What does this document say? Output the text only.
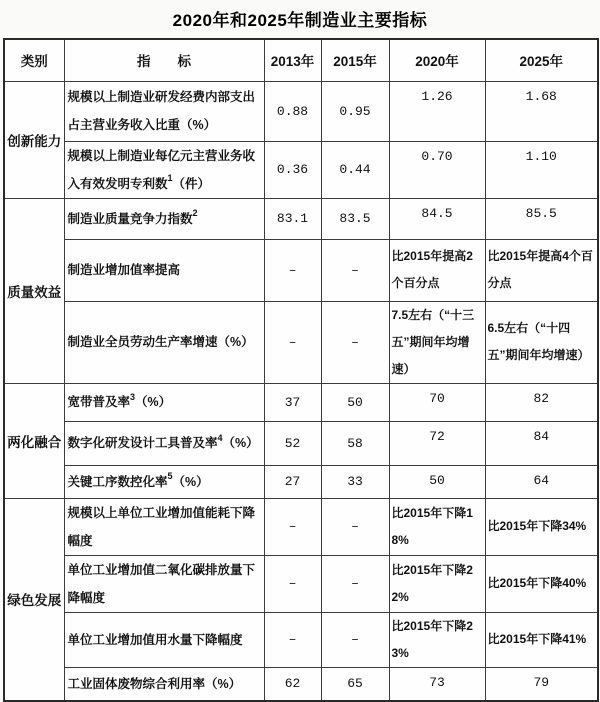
2020年和2025年制造业主要指标
类别	指　　标	2013年	2015年	2020年	2025年
创新能力	规模以上制造业研发经费内部支出占主营业务收入比重（%）	0.88	0.95	1.26	1.68
	规模以上制造业每亿元主营业务收入有效发明专利数$^1$（件）	0.36	0.44	0.70	1.10
质量效益	制造业质量竞争力指数$^2$	83.1	83.5	84.5	85.5
	制造业增加值率提高	–	–	比2015年提高2个百分点	比2015年提高4个百分点
	制造业全员劳动生产率增速（%）	–	–	7.5左右（“十三五”期间年均增速）	6.5左右（“十四五”期间年均增速）
两化融合	宽带普及率$^3$（%）	37	50	70	82
	数字化研发设计工具普及率$^4$（%）	52	58	72	84
	关键工序数控化率$^5$（%）	27	33	50	64
绿色发展	规模以上单位工业增加值能耗下降幅度	–	–	比2015年下降18%	比2015年下降34%
	单位工业增加值二氧化碳排放量下降幅度	–	–	比2015年下降22%	比2015年下降40%
	单位工业增加值用水量下降幅度	–	–	比2015年下降23%	比2015年下降41%
	工业固体废物综合利用率（%）	62	65	73	79
